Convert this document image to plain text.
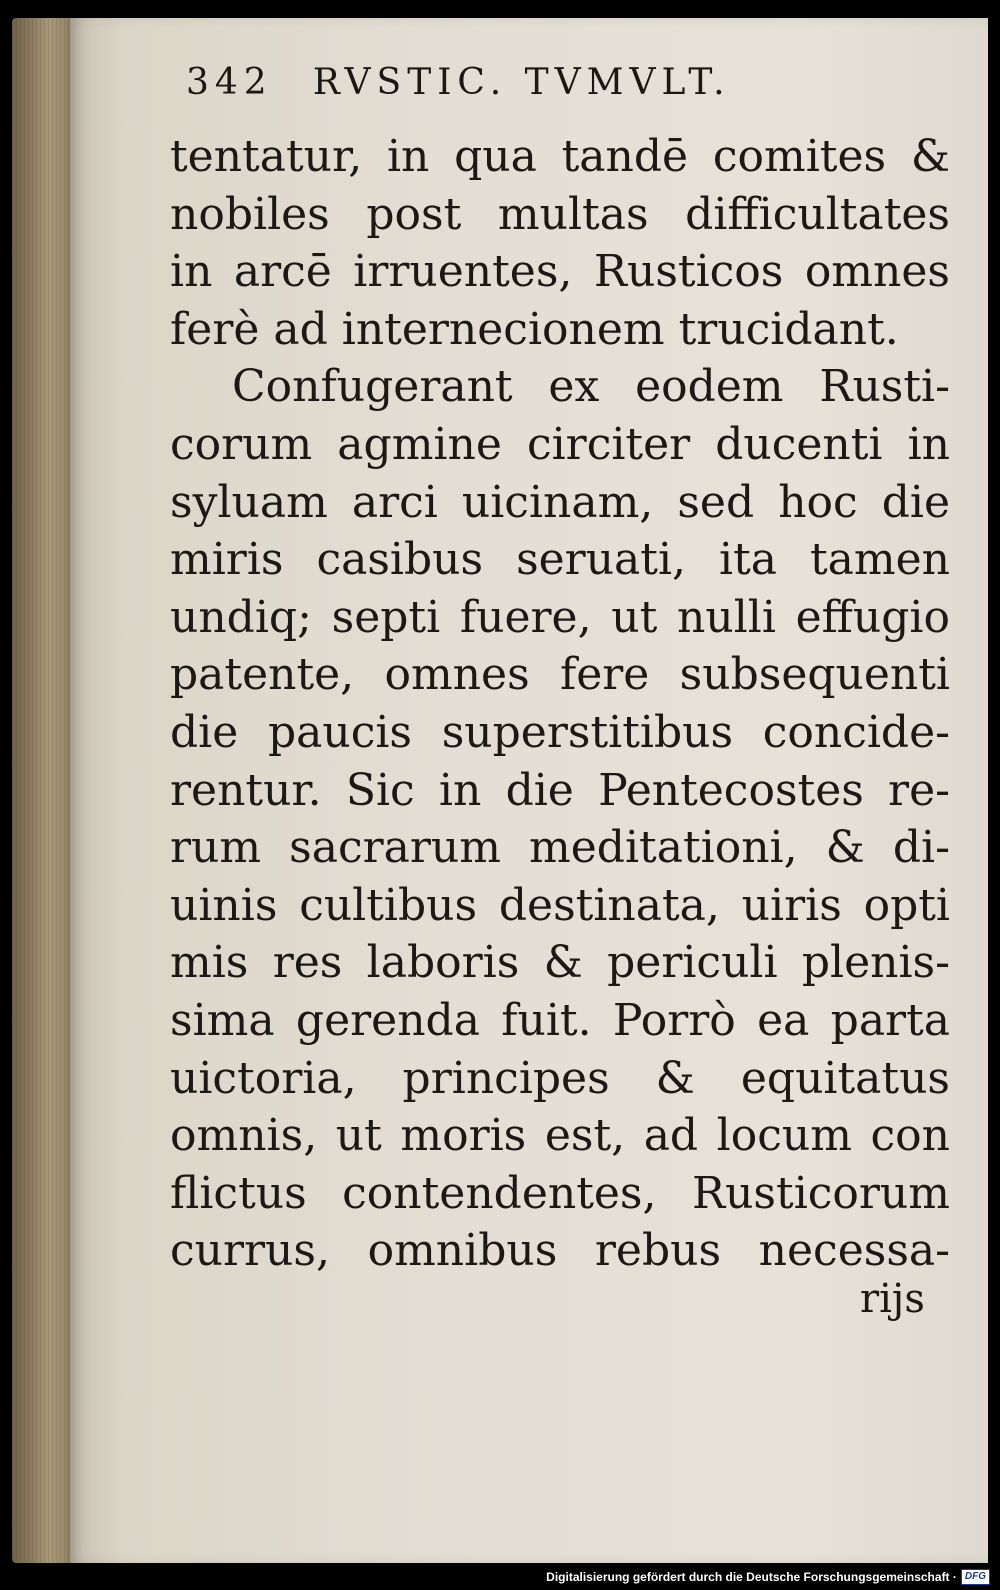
342 RVSTIC. TVMVLT.
tentatur, in qua tandē comites &
nobiles post multas difficultates
in arcē irruentes, Rusticos omnes
ferè ad internecionem trucidant.
Confugerant ex eodem Rusti-
corum agmine circiter ducenti in
syluam arci uicinam, sed hoc die
miris casibus seruati, ita tamen
undiq; septi fuere, ut nulli effugio
patente, omnes fere subsequenti
die paucis superstitibus concide-
rentur. Sic in die Pentecostes re-
rum sacrarum meditationi, & di-
uinis cultibus destinata, uiris opti
mis res laboris & periculi plenis-
sima gerenda fuit. Porrò ea parta
uictoria, principes & equitatus
omnis, ut moris est, ad locum con
flictus contendentes, Rusticorum
currus, omnibus rebus necessa-
rijs
Digitalisierung gefördert durch die Deutsche Forschungsgemeinschaft · DFG
